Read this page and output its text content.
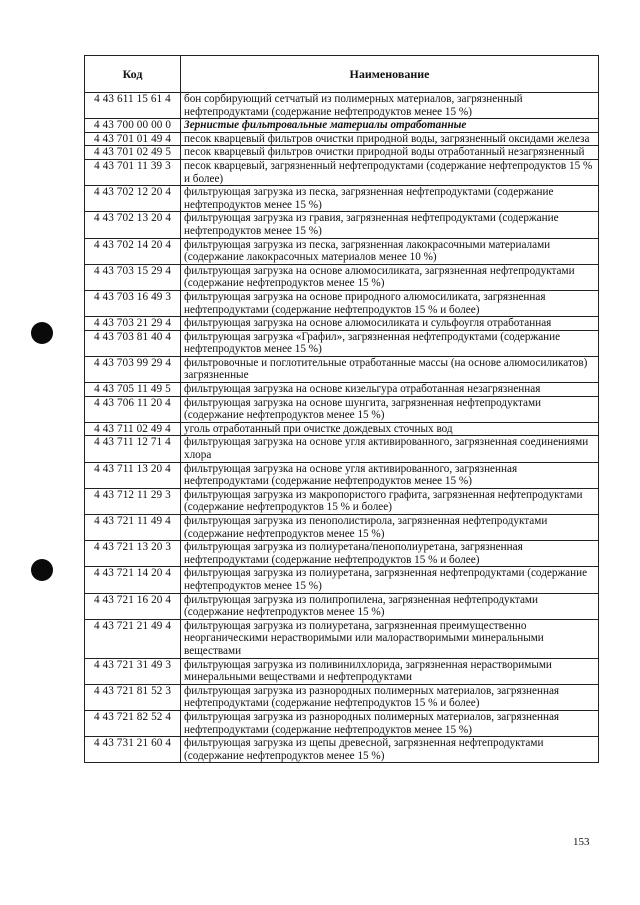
Код	Наименование
4 43 611 15 61 4	бон сорбирующий сетчатый из полимерных материалов, загрязненный нефтепродуктами (содержание нефтепродуктов менее 15 %)
4 43 700 00 00 0	Зернистые фильтровальные материалы отработанные
4 43 701 01 49 4	песок кварцевый фильтров очистки природной воды, загрязненный оксидами железа
4 43 701 02 49 5	песок кварцевый фильтров очистки природной воды отработанный незагрязненный
4 43 701 11 39 3	песок кварцевый, загрязненный нефтепродуктами (содержание нефтепродуктов 15 % и более)
4 43 702 12 20 4	фильтрующая загрузка из песка, загрязненная нефтепродуктами (содержание нефтепродуктов менее 15 %)
4 43 702 13 20 4	фильтрующая загрузка из гравия, загрязненная нефтепродуктами (содержание нефтепродуктов менее 15 %)
4 43 702 14 20 4	фильтрующая загрузка из песка, загрязненная лакокрасочными материалами (содержание лакокрасочных материалов менее 10 %)
4 43 703 15 29 4	фильтрующая загрузка на основе алюмосиликата, загрязненная нефтепродуктами (содержание нефтепродуктов менее 15 %)
4 43 703 16 49 3	фильтрующая загрузка на основе природного алюмосиликата, загрязненная нефтепродуктами (содержание нефтепродуктов 15 % и более)
4 43 703 21 29 4	фильтрующая загрузка на основе алюмосиликата и сульфоугля отработанная
4 43 703 81 40 4	фильтрующая загрузка «Графил», загрязненная нефтепродуктами (содержание нефтепродуктов менее 15 %)
4 43 703 99 29 4	фильтровочные и поглотительные отработанные массы (на основе алюмосиликатов) загрязненные
4 43 705 11 49 5	фильтрующая загрузка на основе кизельгура отработанная незагрязненная
4 43 706 11 20 4	фильтрующая загрузка на основе шунгита, загрязненная нефтепродуктами (содержание нефтепродуктов менее 15 %)
4 43 711 02 49 4	уголь отработанный при очистке дождевых сточных вод
4 43 711 12 71 4	фильтрующая загрузка на основе угля активированного, загрязненная соединениями хлора
4 43 711 13 20 4	фильтрующая загрузка на основе угля активированного, загрязненная нефтепродуктами (содержание нефтепродуктов менее 15 %)
4 43 712 11 29 3	фильтрующая загрузка из макропористого графита, загрязненная нефтепродуктами (содержание нефтепродуктов 15 % и более)
4 43 721 11 49 4	фильтрующая загрузка из пенополистирола, загрязненная нефтепродуктами (содержание нефтепродуктов менее 15 %)
4 43 721 13 20 3	фильтрующая загрузка из полиуретана/пенополиуретана, загрязненная нефтепродуктами (содержание нефтепродуктов 15 % и более)
4 43 721 14 20 4	фильтрующая загрузка из полиуретана, загрязненная нефтепродуктами (содержание нефтепродуктов менее 15 %)
4 43 721 16 20 4	фильтрующая загрузка из полипропилена, загрязненная нефтепродуктами (содержание нефтепродуктов менее 15 %)
4 43 721 21 49 4	фильтрующая загрузка из полиуретана, загрязненная преимущественно неорганическими нерастворимыми или малорастворимыми минеральными веществами
4 43 721 31 49 3	фильтрующая загрузка из поливинилхлорида, загрязненная нерастворимыми минеральными веществами и нефтепродуктами
4 43 721 81 52 3	фильтрующая загрузка из разнородных полимерных материалов, загрязненная нефтепродуктами (содержание нефтепродуктов 15 % и более)
4 43 721 82 52 4	фильтрующая загрузка из разнородных полимерных материалов, загрязненная нефтепродуктами (содержание нефтепродуктов менее 15 %)
4 43 731 21 60 4	фильтрующая загрузка из щепы древесной, загрязненная нефтепродуктами (содержание нефтепродуктов менее 15 %)
153
